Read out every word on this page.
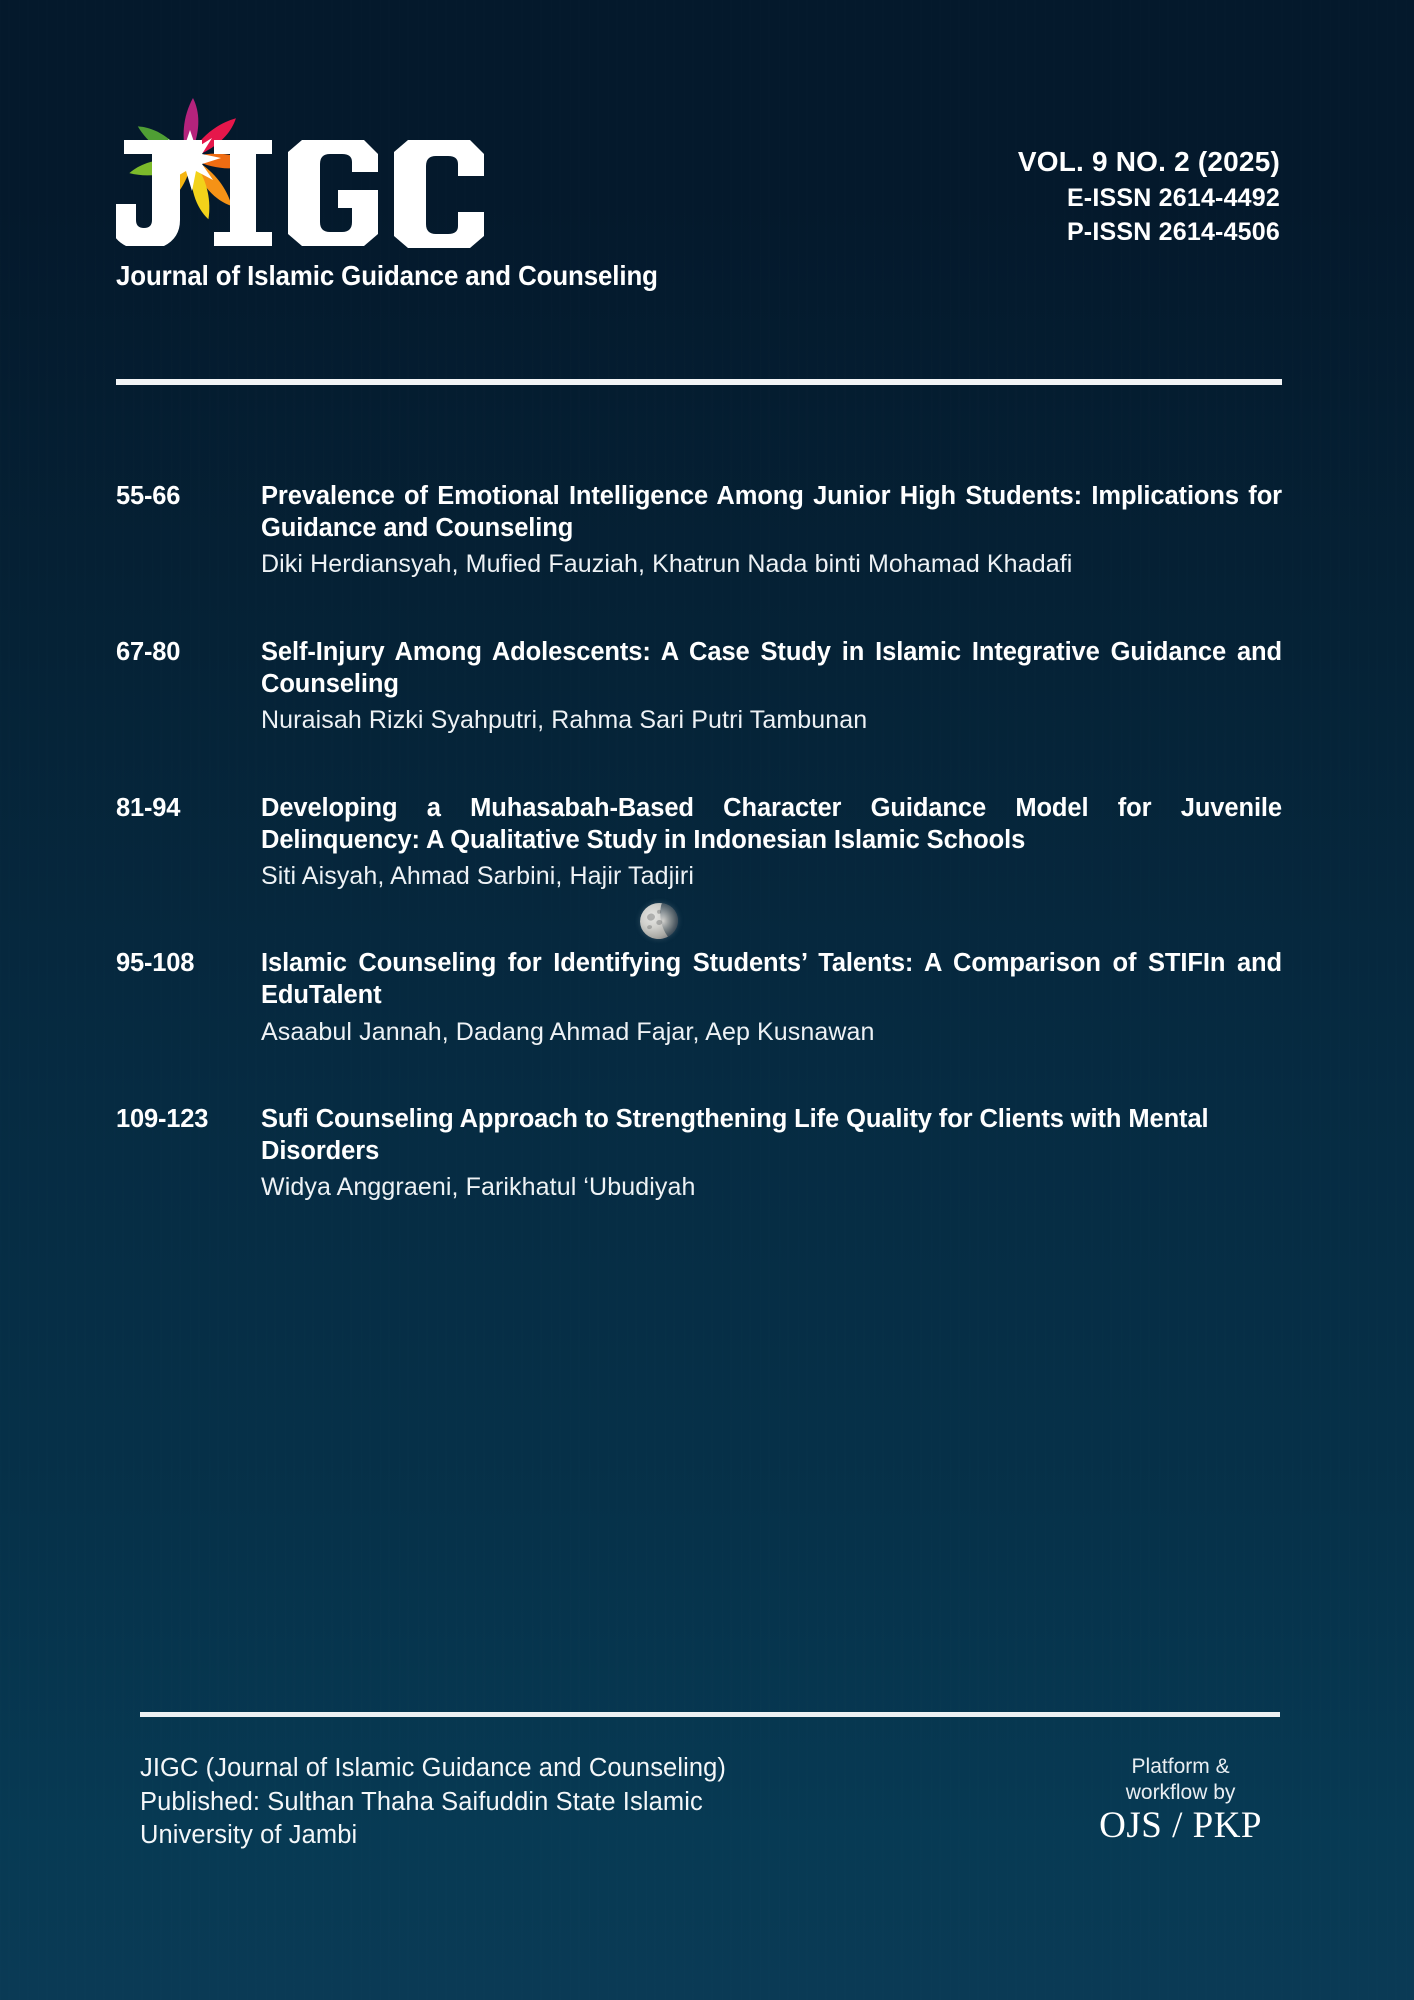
Journal of Islamic Guidance and Counseling
VOL. 9 NO. 2 (2025)
E-ISSN 2614-4492
P-ISSN 2614-4506
55-66	Prevalence of Emotional Intelligence Among Junior High Students: Implications for Guidance and Counseling
Diki Herdiansyah, Mufied Fauziah, Khatrun Nada binti Mohamad Khadafi
67-80	Self-Injury Among Adolescents: A Case Study in Islamic Integrative Guidance and Counseling
Nuraisah Rizki Syahputri, Rahma Sari Putri Tambunan
81-94	Developing a Muhasabah-Based Character Guidance Model for Juvenile Delinquency: A Qualitative Study in Indonesian Islamic Schools
Siti Aisyah, Ahmad Sarbini, Hajir Tadjiri
95-108	Islamic Counseling for Identifying Students’ Talents: A Comparison of STIFIn and EduTalent
Asaabul Jannah, Dadang Ahmad Fajar, Aep Kusnawan
109-123	Sufi Counseling Approach to Strengthening Life Quality for Clients with Mental Disorders
Widya Anggraeni, Farikhatul ‘Ubudiyah
JIGC (Journal of Islamic Guidance and Counseling)
Published: Sulthan Thaha Saifuddin State Islamic
University of Jambi
Platform &
workflow by
OJS / PKP
